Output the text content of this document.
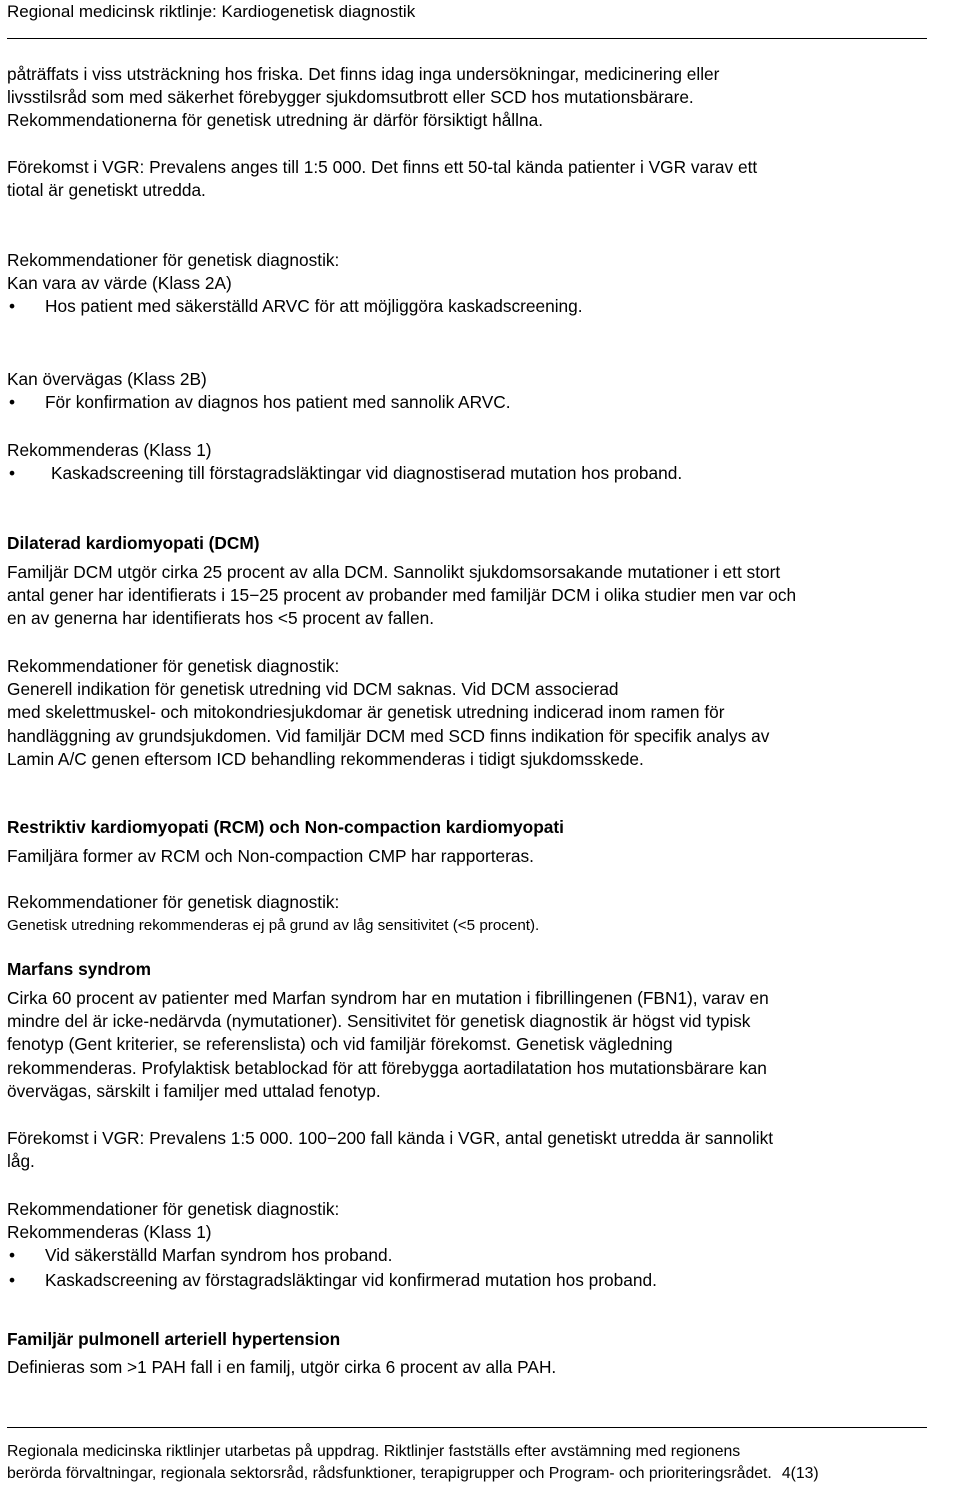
Regional medicinsk riktlinje: Kardiogenetisk diagnostik

påträffats i viss utsträckning hos friska. Det finns idag inga undersökningar, medicinering eller

livsstilsråd som med säkerhet förebygger sjukdomsutbrott eller SCD hos mutationsbärare.

Rekommendationerna för genetisk utredning är därför försiktigt hållna.

Förekomst i VGR: Prevalens anges till 1:5 000. Det finns ett 50-tal kända patienter i VGR varav ett

tiotal är genetiskt utredda.

Rekommendationer för genetisk diagnostik:

Kan vara av värde (Klass 2A)

• Hos patient med säkerställd ARVC för att möjliggöra kaskadscreening.

Kan övervägas (Klass 2B)

• För konfirmation av diagnos hos patient med sannolik ARVC.

Rekommenderas (Klass 1)

• Kaskadscreening till förstagradsläktingar vid diagnostiserad mutation hos proband.

Dilaterad kardiomyopati (DCM)

Familjär DCM utgör cirka 25 procent av alla DCM. Sannolikt sjukdomsorsakande mutationer i ett stort

antal gener har identifierats i 15−25 procent av probander med familjär DCM i olika studier men var och

en av generna har identifierats hos <5 procent av fallen.

Rekommendationer för genetisk diagnostik:

Generell indikation för genetisk utredning vid DCM saknas. Vid DCM associerad

med skelettmuskel- och mitokondriesjukdomar är genetisk utredning indicerad inom ramen för

handläggning av grundsjukdomen. Vid familjär DCM med SCD finns indikation för specifik analys av

Lamin A/C genen eftersom ICD behandling rekommenderas i tidigt sjukdomsskede.

Restriktiv kardiomyopati (RCM) och Non-compaction kardiomyopati

Familjära former av RCM och Non-compaction CMP har rapporteras.

Rekommendationer för genetisk diagnostik:

Genetisk utredning rekommenderas ej på grund av låg sensitivitet (<5 procent).

Marfans syndrom

Cirka 60 procent av patienter med Marfan syndrom har en mutation i fibrillingenen (FBN1), varav en

mindre del är icke-nedärvda (nymutationer). Sensitivitet för genetisk diagnostik är högst vid typisk

fenotyp (Gent kriterier, se referenslista) och vid familjär förekomst. Genetisk vägledning

rekommenderas. Profylaktisk betablockad för att förebygga aortadilatation hos mutationsbärare kan

övervägas, särskilt i familjer med uttalad fenotyp.

Förekomst i VGR: Prevalens 1:5 000. 100−200 fall kända i VGR, antal genetiskt utredda är sannolikt

låg.

Rekommendationer för genetisk diagnostik:

Rekommenderas (Klass 1)

• Vid säkerställd Marfan syndrom hos proband.
• Kaskadscreening av förstagradsläktingar vid konfirmerad mutation hos proband.

Familjär pulmonell arteriell hypertension

Definieras som >1 PAH fall i en familj, utgör cirka 6 procent av alla PAH.

Regionala medicinska riktlinjer utarbetas på uppdrag. Riktlinjer fastställs efter avstämning med regionens
berörda förvaltningar, regionala sektorsråd, rådsfunktioner, terapigrupper och Program- och prioriteringsrådet. 4(13)
